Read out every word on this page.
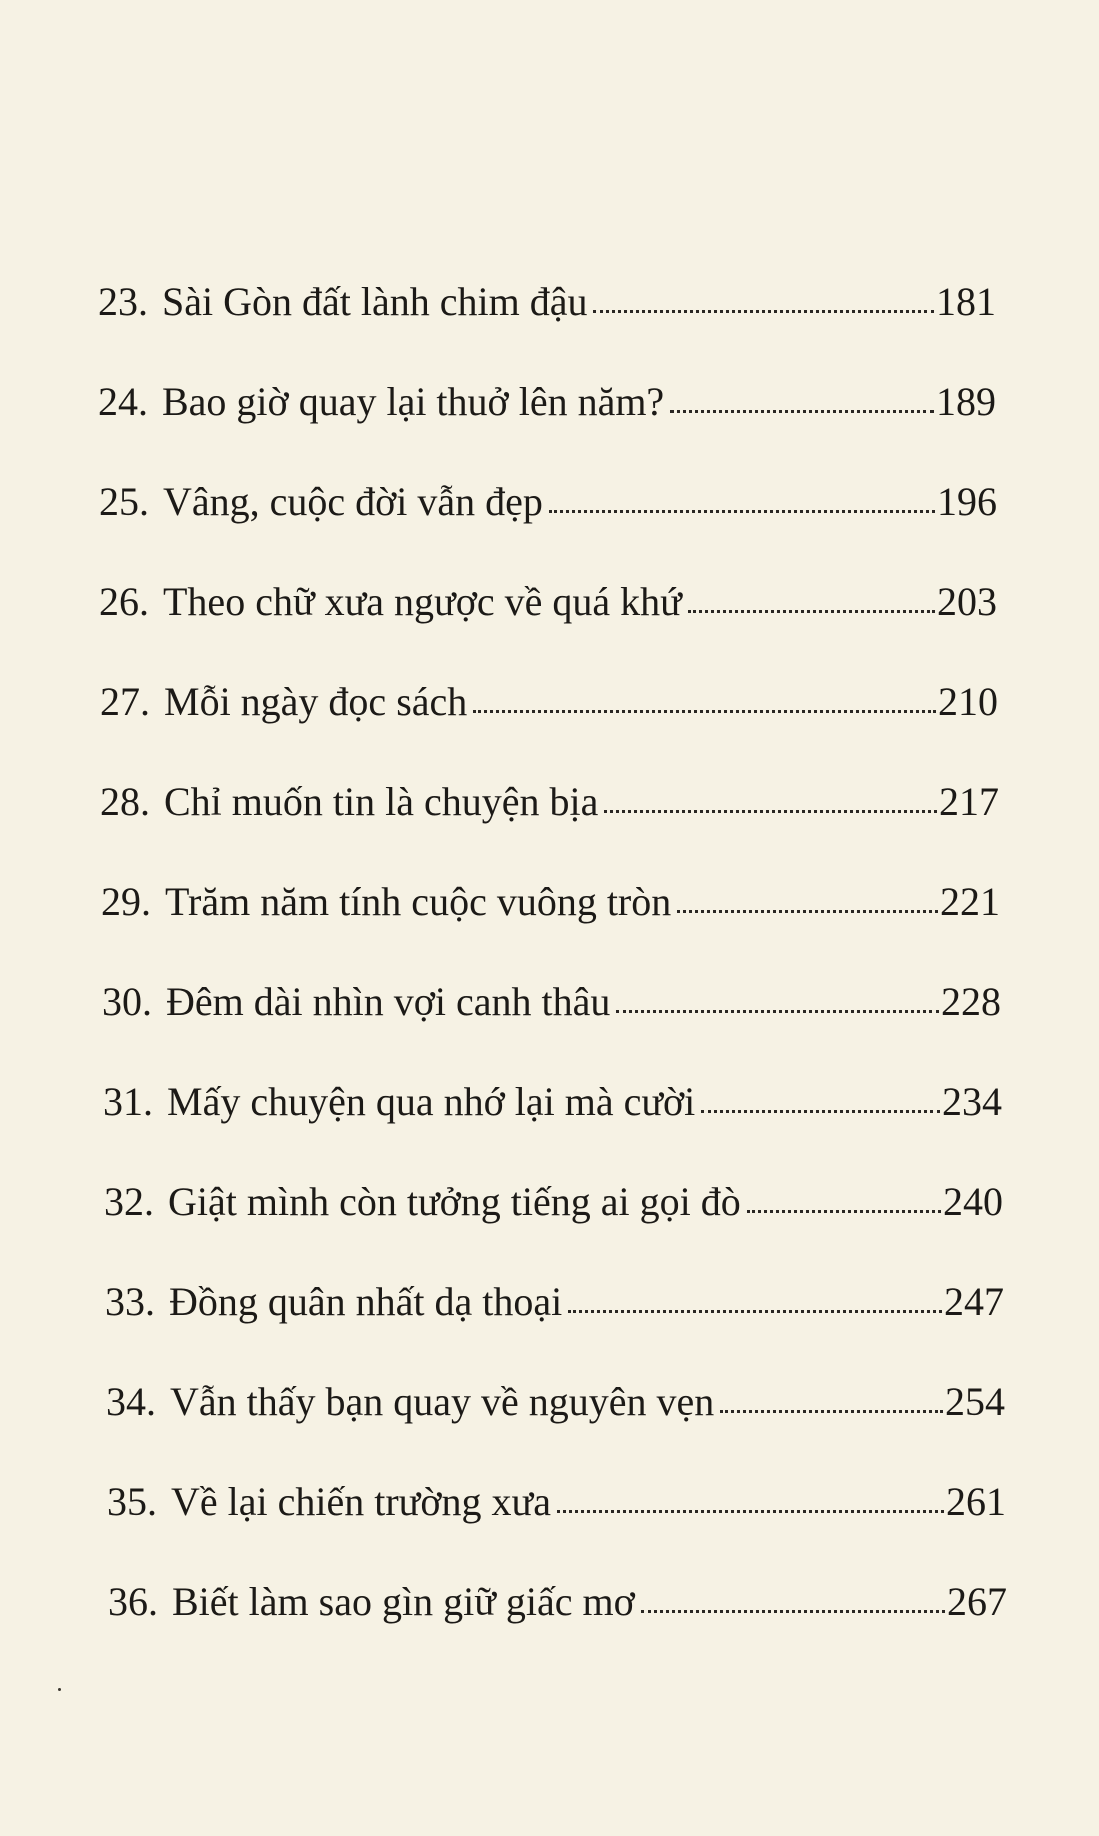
23. Sài Gòn đất lành chim đậu	181
24. Bao giờ quay lại thuở lên năm?	189
25. Vâng, cuộc đời vẫn đẹp	196
26. Theo chữ xưa ngược về quá khứ	203
27. Mỗi ngày đọc sách	210
28. Chỉ muốn tin là chuyện bịa	217
29. Trăm năm tính cuộc vuông tròn	221
30. Đêm dài nhìn vợi canh thâu	228
31. Mấy chuyện qua nhớ lại mà cười	234
32. Giật mình còn tưởng tiếng ai gọi đò	240
33. Đồng quân nhất dạ thoại	247
34. Vẫn thấy bạn quay về nguyên vẹn	254
35. Về lại chiến trường xưa	261
36. Biết làm sao gìn giữ giấc mơ	267
